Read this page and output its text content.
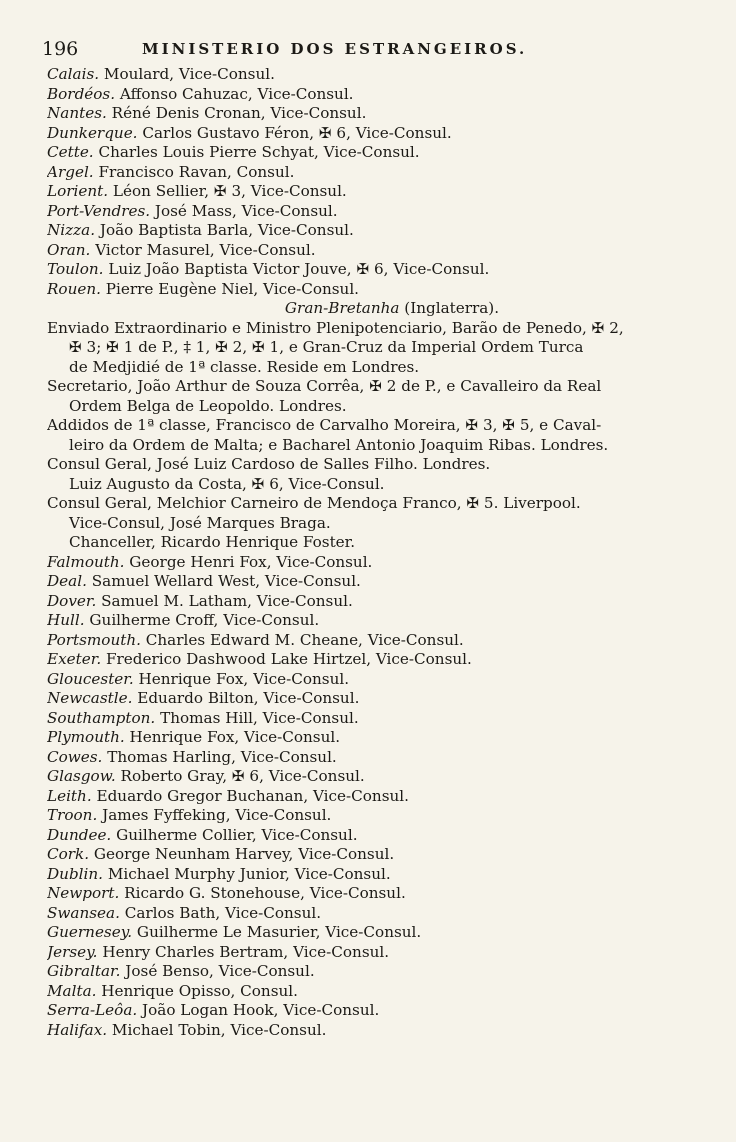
196	MINISTERIO DOS ESTRANGEIROS.
Calais. Moulard, Vice-Consul.
Bordéos. Affonso Cahuzac, Vice-Consul.
Nantes. Réné Denis Cronan, Vice-Consul.
Dunkerque. Carlos Gustavo Féron, ✠ 6, Vice-Consul.
Cette. Charles Louis Pierre Schyat, Vice-Consul.
Argel. Francisco Ravan, Consul.
Lorient. Léon Sellier, ✠ 3, Vice-Consul.
Port-Vendres. José Mass, Vice-Consul.
Nizza. João Baptista Barla, Vice-Consul.
Oran. Victor Masurel, Vice-Consul.
Toulon. Luiz João Baptista Victor Jouve, ✠ 6, Vice-Consul.
Rouen. Pierre Eugène Niel, Vice-Consul.
Gran-Bretanha (Inglaterra).
Enviado Extraordinario e Ministro Plenipotenciario, Barão de Penedo, ✠ 2,
✠ 3; ✠ 1 de P., ‡ 1, ✠ 2, ✠ 1, e Gran-Cruz da Imperial Ordem Turca
de Medjidié de 1ª classe. Reside em Londres.
Secretario, João Arthur de Souza Corrêa, ✠ 2 de P., e Cavalleiro da Real
Ordem Belga de Leopoldo. Londres.
Addidos de 1ª classe, Francisco de Carvalho Moreira, ✠ 3, ✠ 5, e Caval-
leiro da Ordem de Malta; e Bacharel Antonio Joaquim Ribas. Londres.
Consul Geral, José Luiz Cardoso de Salles Filho. Londres.
Luiz Augusto da Costa, ✠ 6, Vice-Consul.
Consul Geral, Melchior Carneiro de Mendoça Franco, ✠ 5. Liverpool.
Vice-Consul, José Marques Braga.
Chanceller, Ricardo Henrique Foster.
Falmouth. George Henri Fox, Vice-Consul.
Deal. Samuel Wellard West, Vice-Consul.
Dover. Samuel M. Latham, Vice-Consul.
Hull. Guilherme Croff, Vice-Consul.
Portsmouth. Charles Edward M. Cheane, Vice-Consul.
Exeter. Frederico Dashwood Lake Hirtzel, Vice-Consul.
Gloucester. Henrique Fox, Vice-Consul.
Newcastle. Eduardo Bilton, Vice-Consul.
Southampton. Thomas Hill, Vice-Consul.
Plymouth. Henrique Fox, Vice-Consul.
Cowes. Thomas Harling, Vice-Consul.
Glasgow. Roberto Gray, ✠ 6, Vice-Consul.
Leith. Eduardo Gregor Buchanan, Vice-Consul.
Troon. James Fyffeking, Vice-Consul.
Dundee. Guilherme Collier, Vice-Consul.
Cork. George Neunham Harvey, Vice-Consul.
Dublin. Michael Murphy Junior, Vice-Consul.
Newport. Ricardo G. Stonehouse, Vice-Consul.
Swansea. Carlos Bath, Vice-Consul.
Guernesey. Guilherme Le Masurier, Vice-Consul.
Jersey. Henry Charles Bertram, Vice-Consul.
Gibraltar. José Benso, Vice-Consul.
Malta. Henrique Opisso, Consul.
Serra-Leôa. João Logan Hook, Vice-Consul.
Halifax. Michael Tobin, Vice-Consul.
